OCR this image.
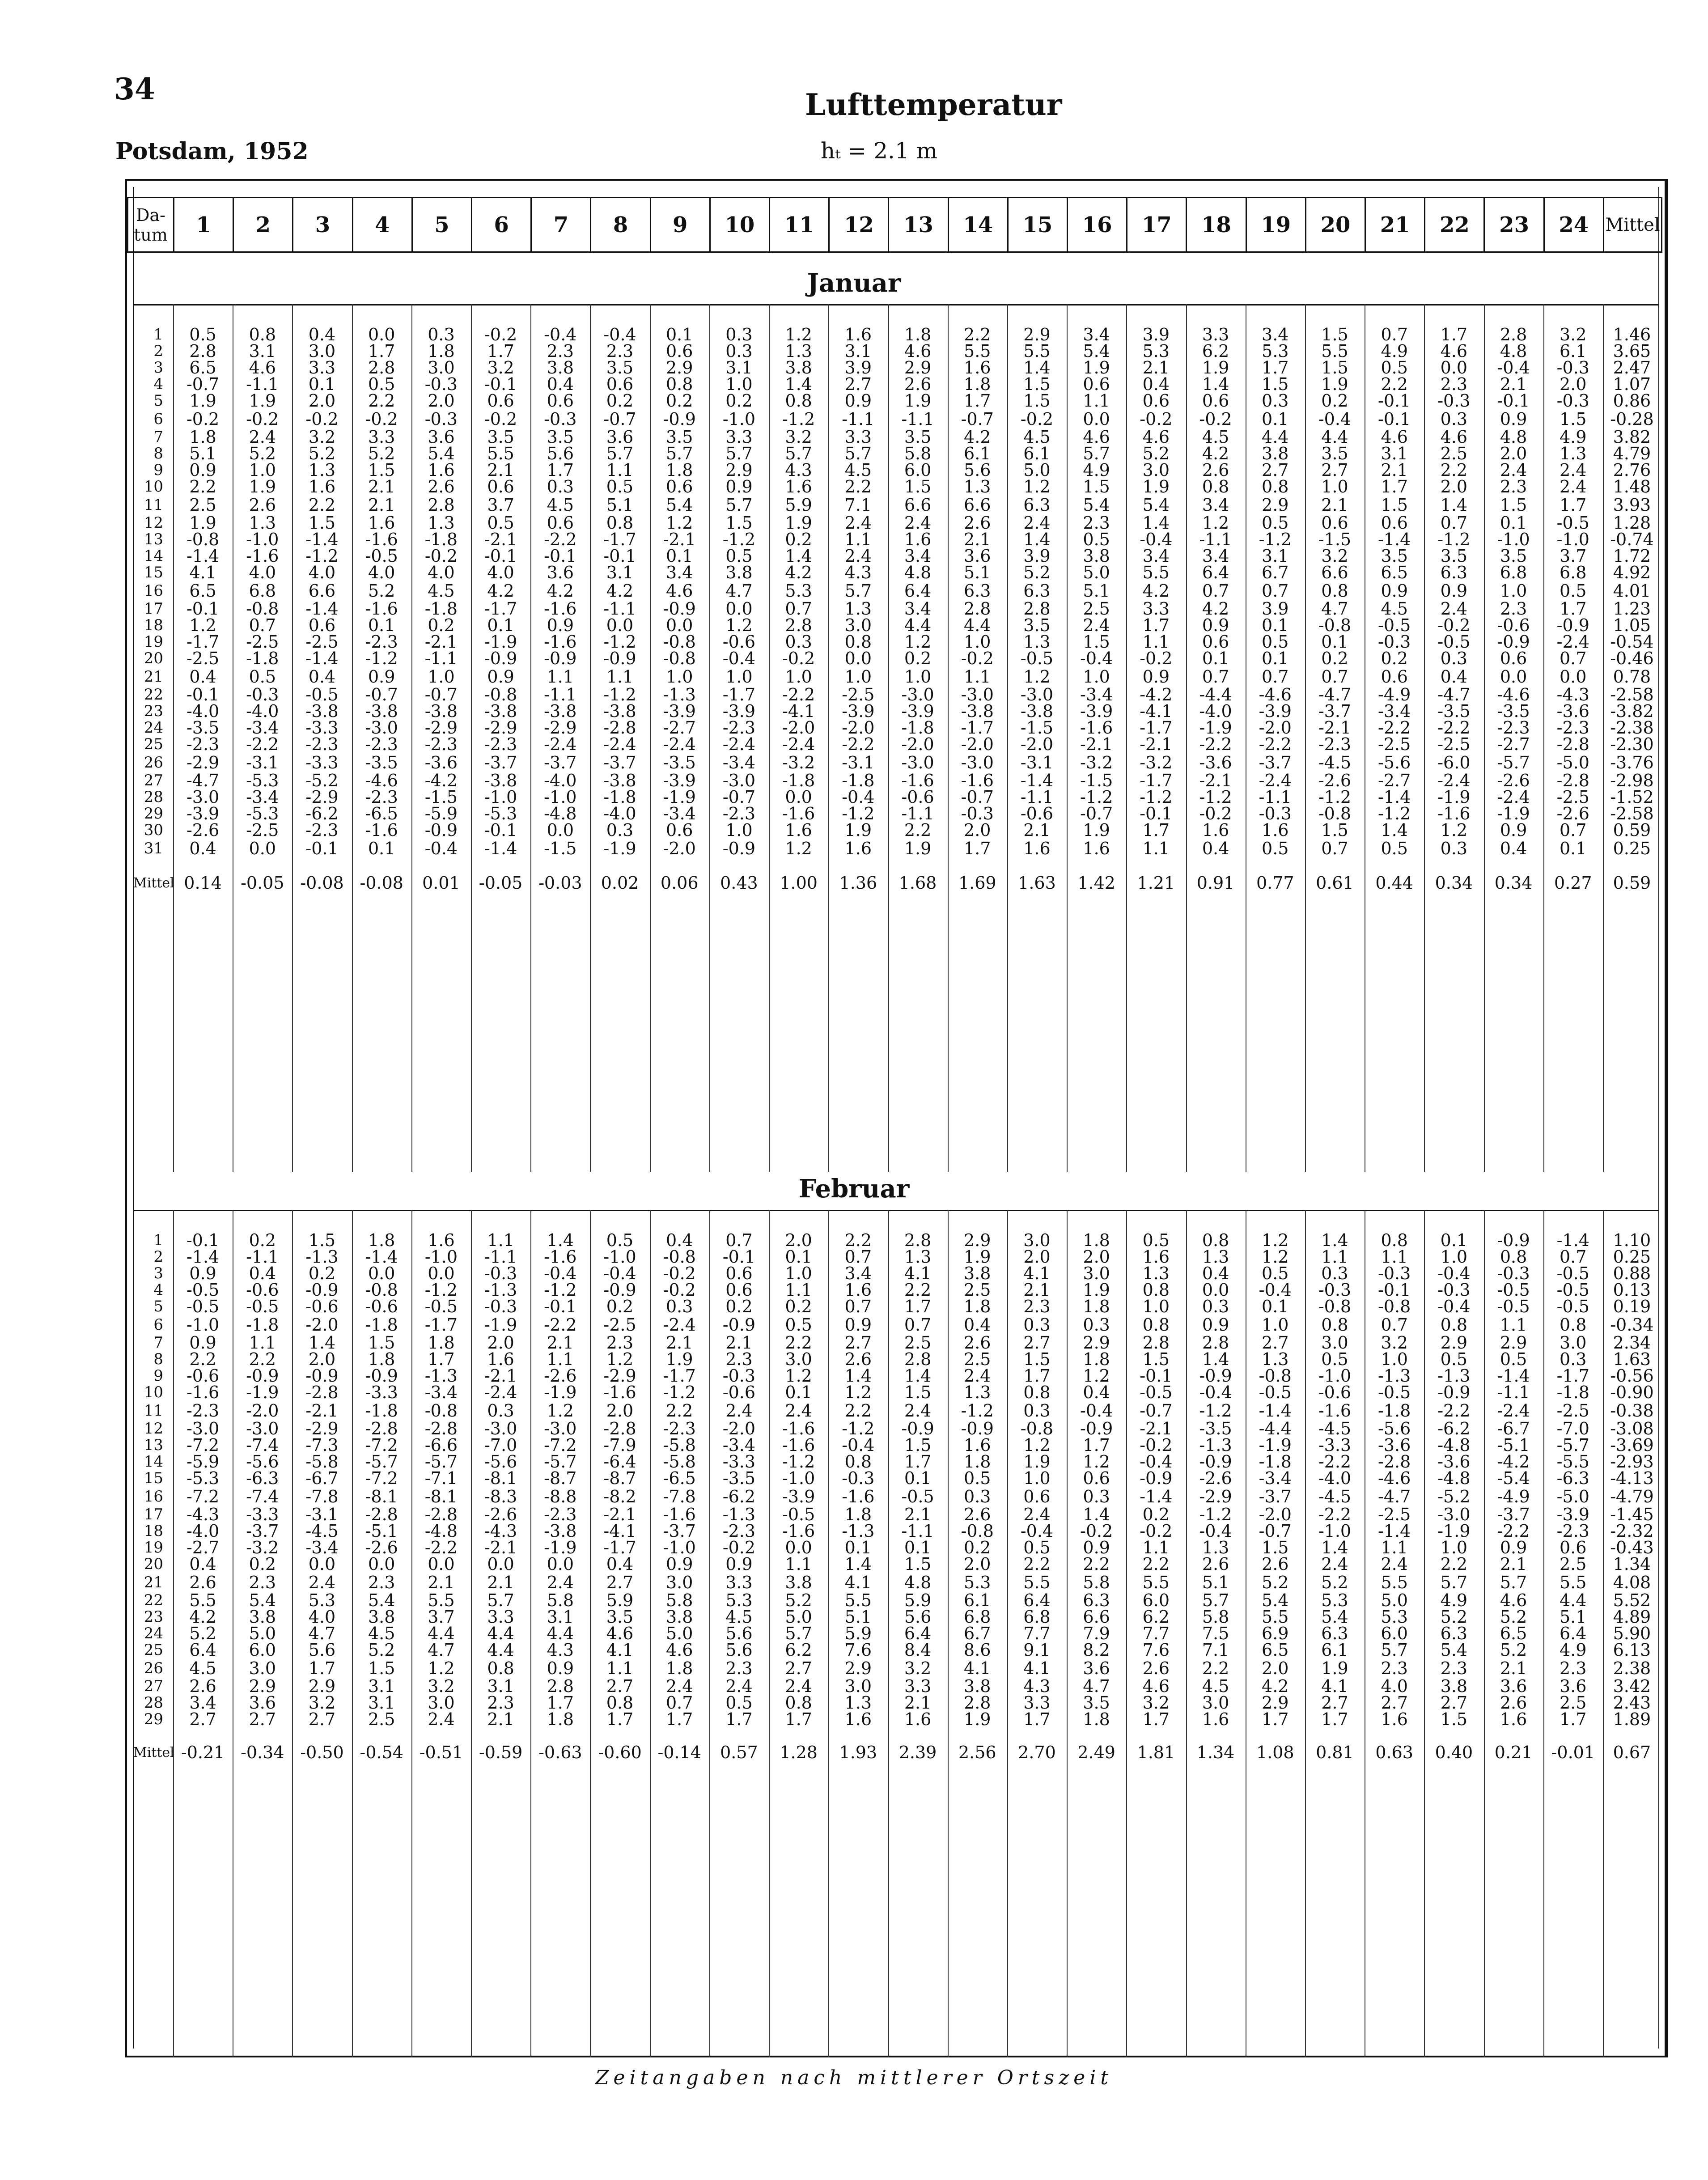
34	Lufttemperatur
Potsdam, 1952	hₜ = 2.1 m
Da- tum	1	2	3	4	5	6	7	8	9	10	11	12	13	14	15	16	17	18	19	20	21	22	23	24	Mittel
Januar
1	0.5	0.8	0.4	0.0	0.3	-0.2	-0.4	-0.4	0.1	0.3	1.2	1.6	1.8	2.2	2.9	3.4	3.9	3.3	3.4	1.5	0.7	1.7	2.8	3.2	1.46
2	2.8	3.1	3.0	1.7	1.8	1.7	2.3	2.3	0.6	0.3	1.3	3.1	4.6	5.5	5.5	5.4	5.3	6.2	5.3	5.5	4.9	4.6	4.8	6.1	3.65
3	6.5	4.6	3.3	2.8	3.0	3.2	3.8	3.5	2.9	3.1	3.8	3.9	2.9	1.6	1.4	1.9	2.1	1.9	1.7	1.5	0.5	0.0	-0.4	-0.3	2.47
4	-0.7	-1.1	0.1	0.5	-0.3	-0.1	0.4	0.6	0.8	1.0	1.4	2.7	2.6	1.8	1.5	0.6	0.4	1.4	1.5	1.9	2.2	2.3	2.1	2.0	1.07
5	1.9	1.9	2.0	2.2	2.0	0.6	0.6	0.2	0.2	0.2	0.8	0.9	1.9	1.7	1.5	1.1	0.6	0.6	0.3	0.2	-0.1	-0.3	-0.1	-0.3	0.86
6	-0.2	-0.2	-0.2	-0.2	-0.3	-0.2	-0.3	-0.7	-0.9	-1.0	-1.2	-1.1	-1.1	-0.7	-0.2	0.0	-0.2	-0.2	0.1	-0.4	-0.1	0.3	0.9	1.5	-0.28
7	1.8	2.4	3.2	3.3	3.6	3.5	3.5	3.6	3.5	3.3	3.2	3.3	3.5	4.2	4.5	4.6	4.6	4.5	4.4	4.4	4.6	4.6	4.8	4.9	3.82
8	5.1	5.2	5.2	5.2	5.4	5.5	5.6	5.7	5.7	5.7	5.7	5.7	5.8	6.1	6.1	5.7	5.2	4.2	3.8	3.5	3.1	2.5	2.0	1.3	4.79
9	0.9	1.0	1.3	1.5	1.6	2.1	1.7	1.1	1.8	2.9	4.3	4.5	6.0	5.6	5.0	4.9	3.0	2.6	2.7	2.7	2.1	2.2	2.4	2.4	2.76
10	2.2	1.9	1.6	2.1	2.6	0.6	0.3	0.5	0.6	0.9	1.6	2.2	1.5	1.3	1.2	1.5	1.9	0.8	0.8	1.0	1.7	2.0	2.3	2.4	1.48
11	2.5	2.6	2.2	2.1	2.8	3.7	4.5	5.1	5.4	5.7	5.9	7.1	6.6	6.6	6.3	5.4	5.4	3.4	2.9	2.1	1.5	1.4	1.5	1.7	3.93
12	1.9	1.3	1.5	1.6	1.3	0.5	0.6	0.8	1.2	1.5	1.9	2.4	2.4	2.6	2.4	2.3	1.4	1.2	0.5	0.6	0.6	0.7	0.1	-0.5	1.28
13	-0.8	-1.0	-1.4	-1.6	-1.8	-2.1	-2.2	-1.7	-2.1	-1.2	0.2	1.1	1.6	2.1	1.4	0.5	-0.4	-1.1	-1.2	-1.5	-1.4	-1.2	-1.0	-1.0	-0.74
14	-1.4	-1.6	-1.2	-0.5	-0.2	-0.1	-0.1	-0.1	0.1	0.5	1.4	2.4	3.4	3.6	3.9	3.8	3.4	3.4	3.1	3.2	3.5	3.5	3.5	3.7	1.72
15	4.1	4.0	4.0	4.0	4.0	4.0	3.6	3.1	3.4	3.8	4.2	4.3	4.8	5.1	5.2	5.0	5.5	6.4	6.7	6.6	6.5	6.3	6.8	6.8	4.92
16	6.5	6.8	6.6	5.2	4.5	4.2	4.2	4.2	4.6	4.7	5.3	5.7	6.4	6.3	6.3	5.1	4.2	0.7	0.7	0.8	0.9	0.9	1.0	0.5	4.01
17	-0.1	-0.8	-1.4	-1.6	-1.8	-1.7	-1.6	-1.1	-0.9	0.0	0.7	1.3	3.4	2.8	2.8	2.5	3.3	4.2	3.9	4.7	4.5	2.4	2.3	1.7	1.23
18	1.2	0.7	0.6	0.1	0.2	0.1	0.9	0.0	0.0	1.2	2.8	3.0	4.4	4.4	3.5	2.4	1.7	0.9	0.1	-0.8	-0.5	-0.2	-0.6	-0.9	1.05
19	-1.7	-2.5	-2.5	-2.3	-2.1	-1.9	-1.6	-1.2	-0.8	-0.6	0.3	0.8	1.2	1.0	1.3	1.5	1.1	0.6	0.5	0.1	-0.3	-0.5	-0.9	-2.4	-0.54
20	-2.5	-1.8	-1.4	-1.2	-1.1	-0.9	-0.9	-0.9	-0.8	-0.4	-0.2	0.0	0.2	-0.2	-0.5	-0.4	-0.2	0.1	0.1	0.2	0.2	0.3	0.6	0.7	-0.46
21	0.4	0.5	0.4	0.9	1.0	0.9	1.1	1.1	1.0	1.0	1.0	1.0	1.0	1.1	1.2	1.0	0.9	0.7	0.7	0.7	0.6	0.4	0.0	0.0	0.78
22	-0.1	-0.3	-0.5	-0.7	-0.7	-0.8	-1.1	-1.2	-1.3	-1.7	-2.2	-2.5	-3.0	-3.0	-3.0	-3.4	-4.2	-4.4	-4.6	-4.7	-4.9	-4.7	-4.6	-4.3	-2.58
23	-4.0	-4.0	-3.8	-3.8	-3.8	-3.8	-3.8	-3.8	-3.9	-3.9	-4.1	-3.9	-3.9	-3.8	-3.8	-3.9	-4.1	-4.0	-3.9	-3.7	-3.4	-3.5	-3.5	-3.6	-3.82
24	-3.5	-3.4	-3.3	-3.0	-2.9	-2.9	-2.9	-2.8	-2.7	-2.3	-2.0	-2.0	-1.8	-1.7	-1.5	-1.6	-1.7	-1.9	-2.0	-2.1	-2.2	-2.2	-2.3	-2.3	-2.38
25	-2.3	-2.2	-2.3	-2.3	-2.3	-2.3	-2.4	-2.4	-2.4	-2.4	-2.4	-2.2	-2.0	-2.0	-2.0	-2.1	-2.1	-2.2	-2.2	-2.3	-2.5	-2.5	-2.7	-2.8	-2.30
26	-2.9	-3.1	-3.3	-3.5	-3.6	-3.7	-3.7	-3.7	-3.5	-3.4	-3.2	-3.1	-3.0	-3.0	-3.1	-3.2	-3.2	-3.6	-3.7	-4.5	-5.6	-6.0	-5.7	-5.0	-3.76
27	-4.7	-5.3	-5.2	-4.6	-4.2	-3.8	-4.0	-3.8	-3.9	-3.0	-1.8	-1.8	-1.6	-1.6	-1.4	-1.5	-1.7	-2.1	-2.4	-2.6	-2.7	-2.4	-2.6	-2.8	-2.98
28	-3.0	-3.4	-2.9	-2.3	-1.5	-1.0	-1.0	-1.8	-1.9	-0.7	0.0	-0.4	-0.6	-0.7	-1.1	-1.2	-1.2	-1.2	-1.1	-1.2	-1.4	-1.9	-2.4	-2.5	-1.52
29	-3.9	-5.3	-6.2	-6.5	-5.9	-5.3	-4.8	-4.0	-3.4	-2.3	-1.6	-1.2	-1.1	-0.3	-0.6	-0.7	-0.1	-0.2	-0.3	-0.8	-1.2	-1.6	-1.9	-2.6	-2.58
30	-2.6	-2.5	-2.3	-1.6	-0.9	-0.1	0.0	0.3	0.6	1.0	1.6	1.9	2.2	2.0	2.1	1.9	1.7	1.6	1.6	1.5	1.4	1.2	0.9	0.7	0.59
31	0.4	0.0	-0.1	0.1	-0.4	-1.4	-1.5	-1.9	-2.0	-0.9	1.2	1.6	1.9	1.7	1.6	1.6	1.1	0.4	0.5	0.7	0.5	0.3	0.4	0.1	0.25
Mittel	0.14	-0.05	-0.08	-0.08	0.01	-0.05	-0.03	0.02	0.06	0.43	1.00	1.36	1.68	1.69	1.63	1.42	1.21	0.91	0.77	0.61	0.44	0.34	0.34	0.27	0.59
Februar
1	-0.1	0.2	1.5	1.8	1.6	1.1	1.4	0.5	0.4	0.7	2.0	2.2	2.8	2.9	3.0	1.8	0.5	0.8	1.2	1.4	0.8	0.1	-0.9	-1.4	1.10
2	-1.4	-1.1	-1.3	-1.4	-1.0	-1.1	-1.6	-1.0	-0.8	-0.1	0.1	0.7	1.3	1.9	2.0	2.0	1.6	1.3	1.2	1.1	1.1	1.0	0.8	0.7	0.25
3	0.9	0.4	0.2	0.0	0.0	-0.3	-0.4	-0.4	-0.2	0.6	1.0	3.4	4.1	3.8	4.1	3.0	1.3	0.4	0.5	0.3	-0.3	-0.4	-0.3	-0.5	0.88
4	-0.5	-0.6	-0.9	-0.8	-1.2	-1.3	-1.2	-0.9	-0.2	0.6	1.1	1.6	2.2	2.5	2.1	1.9	0.8	0.0	-0.4	-0.3	-0.1	-0.3	-0.5	-0.5	0.13
5	-0.5	-0.5	-0.6	-0.6	-0.5	-0.3	-0.1	0.2	0.3	0.2	0.2	0.7	1.7	1.8	2.3	1.8	1.0	0.3	0.1	-0.8	-0.8	-0.4	-0.5	-0.5	0.19
6	-1.0	-1.8	-2.0	-1.8	-1.7	-1.9	-2.2	-2.5	-2.4	-0.9	0.5	0.9	0.7	0.4	0.3	0.3	0.8	0.9	1.0	0.8	0.7	0.8	1.1	0.8	-0.34
7	0.9	1.1	1.4	1.5	1.8	2.0	2.1	2.3	2.1	2.1	2.2	2.7	2.5	2.6	2.7	2.9	2.8	2.8	2.7	3.0	3.2	2.9	2.9	3.0	2.34
8	2.2	2.2	2.0	1.8	1.7	1.6	1.1	1.2	1.9	2.3	3.0	2.6	2.8	2.5	1.5	1.8	1.5	1.4	1.3	0.5	1.0	0.5	0.5	0.3	1.63
9	-0.6	-0.9	-0.9	-0.9	-1.3	-2.1	-2.6	-2.9	-1.7	-0.3	1.2	1.4	1.4	2.4	1.7	1.2	-0.1	-0.9	-0.8	-1.0	-1.3	-1.3	-1.4	-1.7	-0.56
10	-1.6	-1.9	-2.8	-3.3	-3.4	-2.4	-1.9	-1.6	-1.2	-0.6	0.1	1.2	1.5	1.3	0.8	0.4	-0.5	-0.4	-0.5	-0.6	-0.5	-0.9	-1.1	-1.8	-0.90
11	-2.3	-2.0	-2.1	-1.8	-0.8	0.3	1.2	2.0	2.2	2.4	2.4	2.2	2.4	-1.2	0.3	-0.4	-0.7	-1.2	-1.4	-1.6	-1.8	-2.2	-2.4	-2.5	-0.38
12	-3.0	-3.0	-2.9	-2.8	-2.8	-3.0	-3.0	-2.8	-2.3	-2.0	-1.6	-1.2	-0.9	-0.9	-0.8	-0.9	-2.1	-3.5	-4.4	-4.5	-5.6	-6.2	-6.7	-7.0	-3.08
13	-7.2	-7.4	-7.3	-7.2	-6.6	-7.0	-7.2	-7.9	-5.8	-3.4	-1.6	-0.4	1.5	1.6	1.2	1.7	-0.2	-1.3	-1.9	-3.3	-3.6	-4.8	-5.1	-5.7	-3.69
14	-5.9	-5.6	-5.8	-5.7	-5.7	-5.6	-5.7	-6.4	-5.8	-3.3	-1.2	0.8	1.7	1.8	1.9	1.2	-0.4	-0.9	-1.8	-2.2	-2.8	-3.6	-4.2	-5.5	-2.93
15	-5.3	-6.3	-6.7	-7.2	-7.1	-8.1	-8.7	-8.7	-6.5	-3.5	-1.0	-0.3	0.1	0.5	1.0	0.6	-0.9	-2.6	-3.4	-4.0	-4.6	-4.8	-5.4	-6.3	-4.13
16	-7.2	-7.4	-7.8	-8.1	-8.1	-8.3	-8.8	-8.2	-7.8	-6.2	-3.9	-1.6	-0.5	0.3	0.6	0.3	-1.4	-2.9	-3.7	-4.5	-4.7	-5.2	-4.9	-5.0	-4.79
17	-4.3	-3.3	-3.1	-2.8	-2.8	-2.6	-2.3	-2.1	-1.6	-1.3	-0.5	1.8	2.1	2.6	2.4	1.4	0.2	-1.2	-2.0	-2.2	-2.5	-3.0	-3.7	-3.9	-1.45
18	-4.0	-3.7	-4.5	-5.1	-4.8	-4.3	-3.8	-4.1	-3.7	-2.3	-1.6	-1.3	-1.1	-0.8	-0.4	-0.2	-0.2	-0.4	-0.7	-1.0	-1.4	-1.9	-2.2	-2.3	-2.32
19	-2.7	-3.2	-3.4	-2.6	-2.2	-2.1	-1.9	-1.7	-1.0	-0.2	0.0	0.1	0.1	0.2	0.5	0.9	1.1	1.3	1.5	1.4	1.1	1.0	0.9	0.6	-0.43
20	0.4	0.2	0.0	0.0	0.0	0.0	0.0	0.4	0.9	0.9	1.1	1.4	1.5	2.0	2.2	2.2	2.2	2.6	2.6	2.4	2.4	2.2	2.1	2.5	1.34
21	2.6	2.3	2.4	2.3	2.1	2.1	2.4	2.7	3.0	3.3	3.8	4.1	4.8	5.3	5.5	5.8	5.5	5.1	5.2	5.2	5.5	5.7	5.7	5.5	4.08
22	5.5	5.4	5.3	5.4	5.5	5.7	5.8	5.9	5.8	5.3	5.2	5.5	5.9	6.1	6.4	6.3	6.0	5.7	5.4	5.3	5.0	4.9	4.6	4.4	5.52
23	4.2	3.8	4.0	3.8	3.7	3.3	3.1	3.5	3.8	4.5	5.0	5.1	5.6	6.8	6.8	6.6	6.2	5.8	5.5	5.4	5.3	5.2	5.2	5.1	4.89
24	5.2	5.0	4.7	4.5	4.4	4.4	4.4	4.6	5.0	5.6	5.7	5.9	6.4	6.7	7.7	7.9	7.7	7.5	6.9	6.3	6.0	6.3	6.5	6.4	5.90
25	6.4	6.0	5.6	5.2	4.7	4.4	4.3	4.1	4.6	5.6	6.2	7.6	8.4	8.6	9.1	8.2	7.6	7.1	6.5	6.1	5.7	5.4	5.2	4.9	6.13
26	4.5	3.0	1.7	1.5	1.2	0.8	0.9	1.1	1.8	2.3	2.7	2.9	3.2	4.1	4.1	3.6	2.6	2.2	2.0	1.9	2.3	2.3	2.1	2.3	2.38
27	2.6	2.9	2.9	3.1	3.2	3.1	2.8	2.7	2.4	2.4	2.4	3.0	3.3	3.8	4.3	4.7	4.6	4.5	4.2	4.1	4.0	3.8	3.6	3.6	3.42
28	3.4	3.6	3.2	3.1	3.0	2.3	1.7	0.8	0.7	0.5	0.8	1.3	2.1	2.8	3.3	3.5	3.2	3.0	2.9	2.7	2.7	2.7	2.6	2.5	2.43
29	2.7	2.7	2.7	2.5	2.4	2.1	1.8	1.7	1.7	1.7	1.7	1.6	1.6	1.9	1.7	1.8	1.7	1.6	1.7	1.7	1.6	1.5	1.6	1.7	1.89
Mittel	-0.21	-0.34	-0.50	-0.54	-0.51	-0.59	-0.63	-0.60	-0.14	0.57	1.28	1.93	2.39	2.56	2.70	2.49	1.81	1.34	1.08	0.81	0.63	0.40	0.21	-0.01	0.67
Zeitangaben nach mittlerer Ortszeit
